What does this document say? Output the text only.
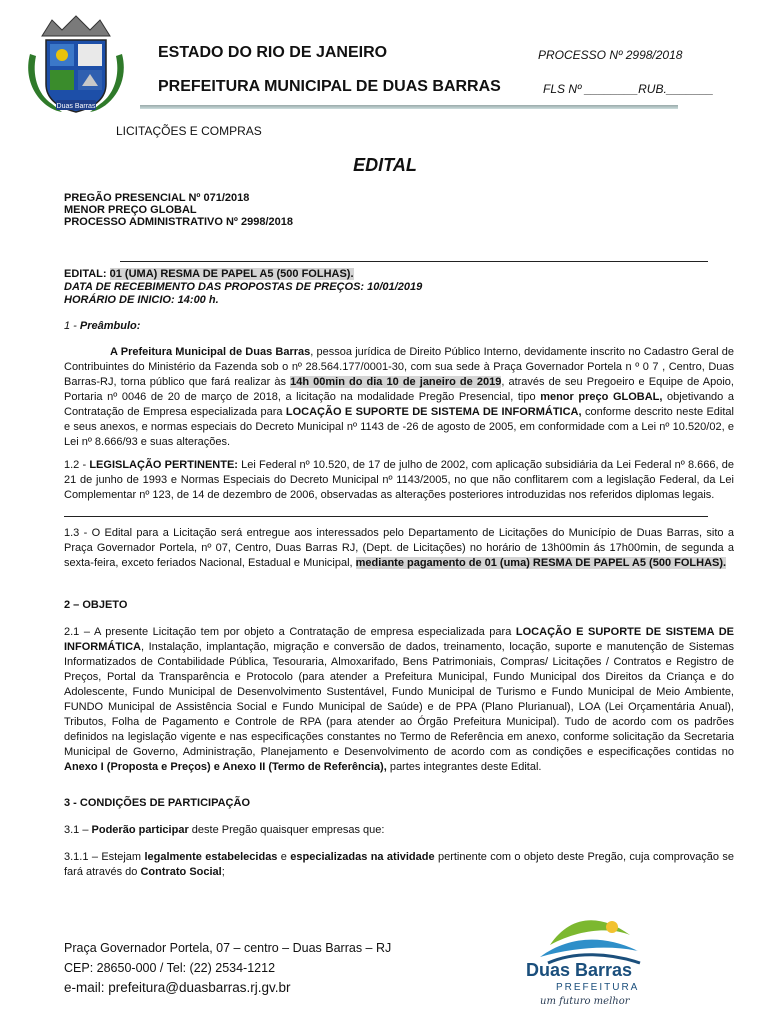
Duas Barras
ESTADO DO RIO DE JANEIRO
PREFEITURA MUNICIPAL DE DUAS BARRAS
PROCESSO Nº 2998/2018
FLS Nº ________RUB._______
LICITAÇÕES E COMPRAS
EDITAL
PREGÃO PRESENCIAL Nº 071/2018
MENOR PREÇO GLOBAL
PROCESSO ADMINISTRATIVO Nº 2998/2018
EDITAL: 01 (UMA) RESMA DE PAPEL A5 (500 FOLHAS).
DATA DE RECEBIMENTO DAS PROPOSTAS DE PREÇOS: 10/01/2019
HORÁRIO DE INICIO: 14:00 h.
1 - Preâmbulo:
A Prefeitura Municipal de Duas Barras, pessoa jurídica de Direito Público Interno, devidamente inscrito no Cadastro Geral de Contribuintes do Ministério da Fazenda sob o nº 28.564.177/0001-30, com sua sede à Praça Governador Portela n º 0 7 , Centro, Duas Barras-RJ, torna público que fará realizar às 14h 00min do dia 10 de janeiro de 2019, através de seu Pregoeiro e Equipe de Apoio, Portaria nº 0046 de 20 de março de 2018, a licitação na modalidade Pregão Presencial, tipo menor preço GLOBAL, objetivando a Contratação de Empresa especializada para LOCAÇÃO E SUPORTE DE SISTEMA DE INFORMÁTICA, conforme descrito neste Edital e seus anexos, e normas especiais do Decreto Municipal nº 1143 de -26 de agosto de 2005, em conformidade com a Lei nº 10.520/02, e Lei nº 8.666/93 e suas alterações.
1.2 - LEGISLAÇÃO PERTINENTE: Lei Federal nº 10.520, de 17 de julho de 2002, com aplicação subsidiária da Lei Federal nº 8.666, de 21 de junho de 1993 e Normas Especiais do Decreto Municipal nº 1143/2005, no que não conflitarem com a legislação Federal, da Lei Complementar nº 123, de 14 de dezembro de 2006, observadas as alterações posteriores introduzidas nos referidos diplomas legais.
1.3 - O Edital para a Licitação será entregue aos interessados pelo Departamento de Licitações do Município de Duas Barras, sito a Praça Governador Portela, nº 07, Centro, Duas Barras RJ, (Dept. de Licitações) no horário de 13h00min ás 17h00min, de segunda a sexta-feira, exceto feriados Nacional, Estadual e Municipal, mediante pagamento de 01 (uma) RESMA DE PAPEL A5 (500 FOLHAS).
2 – OBJETO
2.1 – A presente Licitação tem por objeto a Contratação de empresa especializada para LOCAÇÃO E SUPORTE DE SISTEMA DE INFORMÁTICA, Instalação, implantação, migração e conversão de dados, treinamento, locação, suporte e manutenção de Sistemas Informatizados de Contabilidade Pública, Tesouraria, Almoxarifado, Bens Patrimoniais, Compras/ Licitações / Contratos e Registro de Preços, Portal da Transparência e Protocolo (para atender a Prefeitura Municipal, Fundo Municipal dos Direitos da Criança e do Adolescente, Fundo Municipal de Desenvolvimento Sustentável, Fundo Municipal de Turismo e Fundo Municipal de Meio Ambiente, FUNDO Municipal de Assistência Social e Fundo Municipal de Saúde) e de PPA (Plano Plurianual), LOA (Lei Orçamentária Anual), Tributos, Folha de Pagamento e Controle de RPA (para atender ao Órgão Prefeitura Municipal). Tudo de acordo com os padrões definidos na legislação vigente e nas especificações constantes no Termo de Referência em anexo, conforme solicitação da Secretaria Municipal de Governo, Administração, Planejamento e Desenvolvimento de acordo com as condições e especificações contidas no Anexo I (Proposta e Preços) e Anexo II (Termo de Referência), partes integrantes deste Edital.
3 - CONDIÇÕES DE PARTICIPAÇÃO
3.1 – Poderão participar deste Pregão quaisquer empresas que:
3.1.1 – Estejam legalmente estabelecidas e especializadas na atividade pertinente com o objeto deste Pregão, cuja comprovação se fará através do Contrato Social;
Praça Governador Portela, 07 – centro – Duas Barras – RJ
CEP: 28650-000 / Tel: (22) 2534-1212
e-mail: prefeitura@duasbarras.rj.gv.br
Duas Barras
PREFEITURA
um futuro melhor
